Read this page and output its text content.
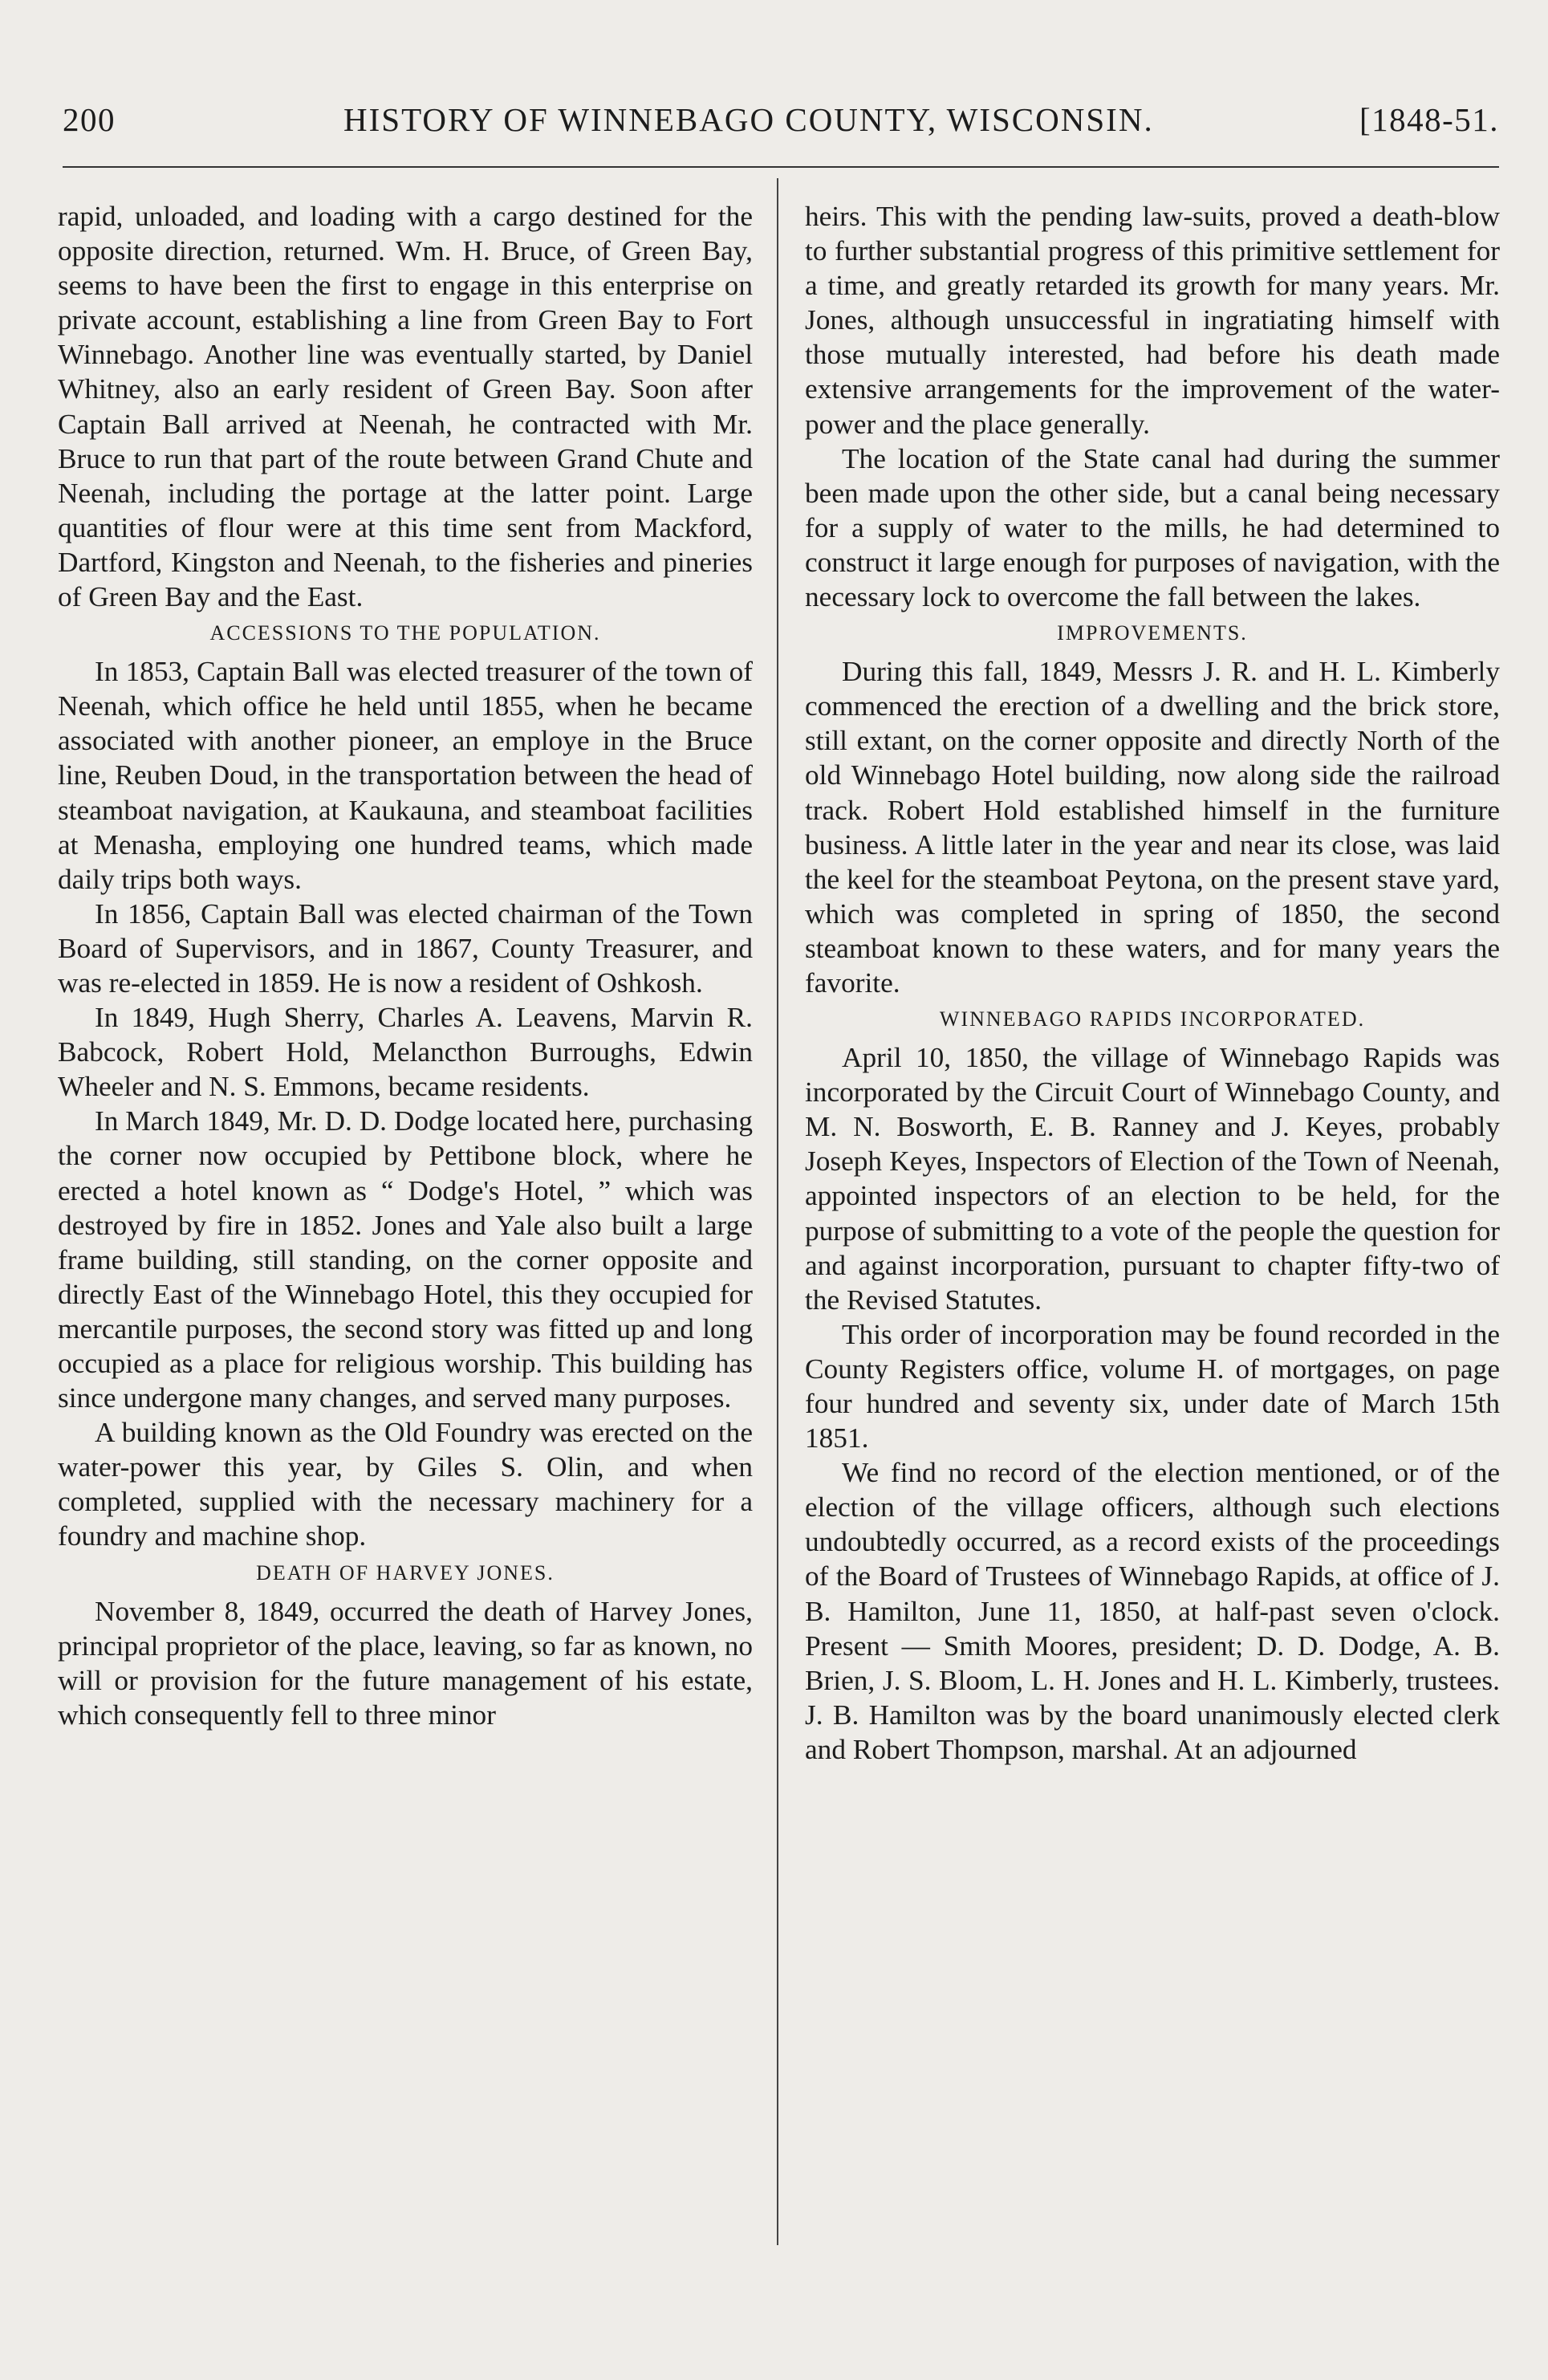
200	HISTORY OF WINNEBAGO COUNTY, WISCONSIN.	[1848-51.

rapid, unloaded, and loading with a cargo destined for the opposite direction, returned. Wm. H. Bruce, of Green Bay, seems to have been the first to engage in this enterprise on private account, establishing a line from Green Bay to Fort Winnebago. Another line was eventually started, by Daniel Whitney, also an early resident of Green Bay. Soon after Captain Ball arrived at Neenah, he contracted with Mr. Bruce to run that part of the route between Grand Chute and Neenah, including the portage at the latter point. Large quantities of flour were at this time sent from Mackford, Dartford, Kingston and Neenah, to the fisheries and pineries of Green Bay and the East.

ACCESSIONS TO THE POPULATION.

In 1853, Captain Ball was elected treasurer of the town of Neenah, which office he held until 1855, when he became associated with another pioneer, an employe in the Bruce line, Reuben Doud, in the transportation between the head of steamboat navigation, at Kaukauna, and steamboat facilities at Menasha, employing one hundred teams, which made daily trips both ways.

In 1856, Captain Ball was elected chairman of the Town Board of Supervisors, and in 1867, County Treasurer, and was re-elected in 1859. He is now a resident of Oshkosh.

In 1849, Hugh Sherry, Charles A. Leavens, Marvin R. Babcock, Robert Hold, Melancthon Burroughs, Edwin Wheeler and N. S. Emmons, became residents.

In March 1849, Mr. D. D. Dodge located here, purchasing the corner now occupied by Pettibone block, where he erected a hotel known as “ Dodge's Hotel, ” which was destroyed by fire in 1852. Jones and Yale also built a large frame building, still standing, on the corner opposite and directly East of the Winnebago Hotel, this they occupied for mercantile purposes, the second story was fitted up and long occupied as a place for religious worship. This building has since undergone many changes, and served many purposes.

A building known as the Old Foundry was erected on the water-power this year, by Giles S. Olin, and when completed, supplied with the necessary machinery for a foundry and machine shop.

DEATH OF HARVEY JONES.

November 8, 1849, occurred the death of Harvey Jones, principal proprietor of the place, leaving, so far as known, no will or provision for the future management of his estate, which consequently fell to three minor

heirs. This with the pending law-suits, proved a death-blow to further substantial progress of this primitive settlement for a time, and greatly retarded its growth for many years. Mr. Jones, although unsuccessful in ingratiating himself with those mutually interested, had before his death made extensive arrangements for the improvement of the water-power and the place generally.

The location of the State canal had during the summer been made upon the other side, but a canal being necessary for a supply of water to the mills, he had determined to construct it large enough for purposes of navigation, with the necessary lock to overcome the fall between the lakes.

IMPROVEMENTS.

During this fall, 1849, Messrs J. R. and H. L. Kimberly commenced the erection of a dwelling and the brick store, still extant, on the corner opposite and directly North of the old Winnebago Hotel building, now along side the railroad track. Robert Hold established himself in the furniture business. A little later in the year and near its close, was laid the keel for the steamboat Peytona, on the present stave yard, which was completed in spring of 1850, the second steamboat known to these waters, and for many years the favorite.

WINNEBAGO RAPIDS INCORPORATED.

April 10, 1850, the village of Winnebago Rapids was incorporated by the Circuit Court of Winnebago County, and M. N. Bosworth, E. B. Ranney and J. Keyes, probably Joseph Keyes, Inspectors of Election of the Town of Neenah, appointed inspectors of an election to be held, for the purpose of submitting to a vote of the people the question for and against incorporation, pursuant to chapter fifty-two of the Revised Statutes.

This order of incorporation may be found recorded in the County Registers office, volume H. of mortgages, on page four hundred and seventy six, under date of March 15th 1851.

We find no record of the election mentioned, or of the election of the village officers, although such elections undoubtedly occurred, as a record exists of the proceedings of the Board of Trustees of Winnebago Rapids, at office of J. B. Hamilton, June 11, 1850, at half-past seven o'clock. Present — Smith Moores, president; D. D. Dodge, A. B. Brien, J. S. Bloom, L. H. Jones and H. L. Kimberly, trustees. J. B. Hamilton was by the board unanimously elected clerk and Robert Thompson, marshal. At an adjourned
